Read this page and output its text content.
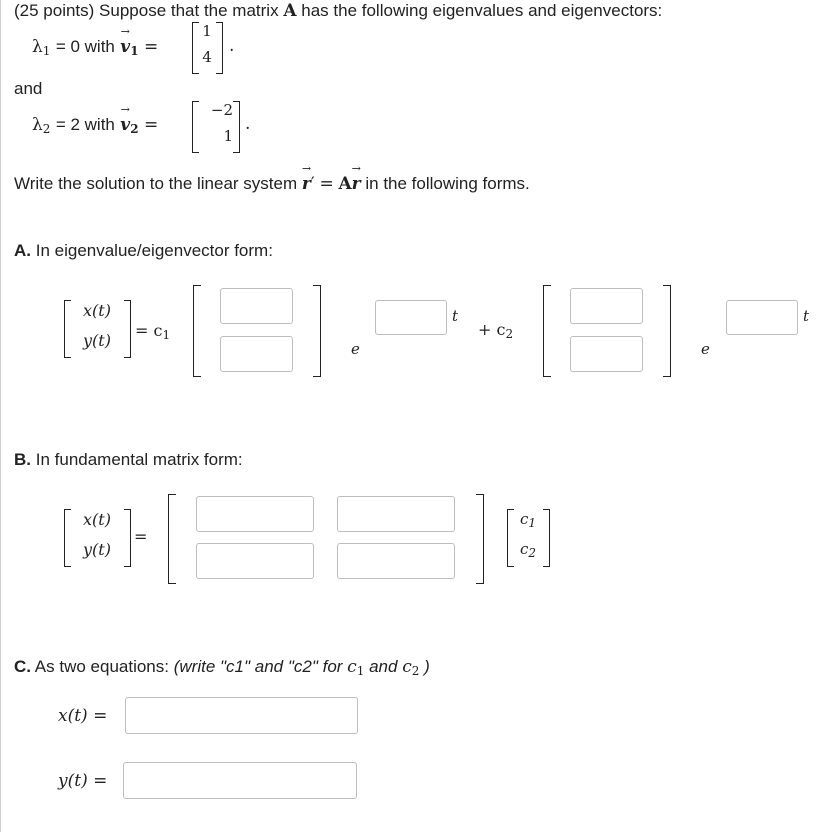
(25 points) Suppose that the matrix A has the following eigenvalues and eigenvectors:
$\lambda_1 = 0$ with → $v_1$ =
1
4
.
and
$\lambda_2 = 2$ with → $v_2$ =
−2
1
.
Write the solution to the linear system → r′ = A→ r in the following forms.
A. In eigenvalue/eigenvector form:
x(t)
y(t)
= $c_1$
e
t
+ $c_2$
e
t
B. In fundamental matrix form:
x(t)
y(t)
=
$c_1$
$c_2$
C. As two equations: (write "c1" and "c2" for $c_1$ and $c_2$ )
x(t) =
y(t) =
